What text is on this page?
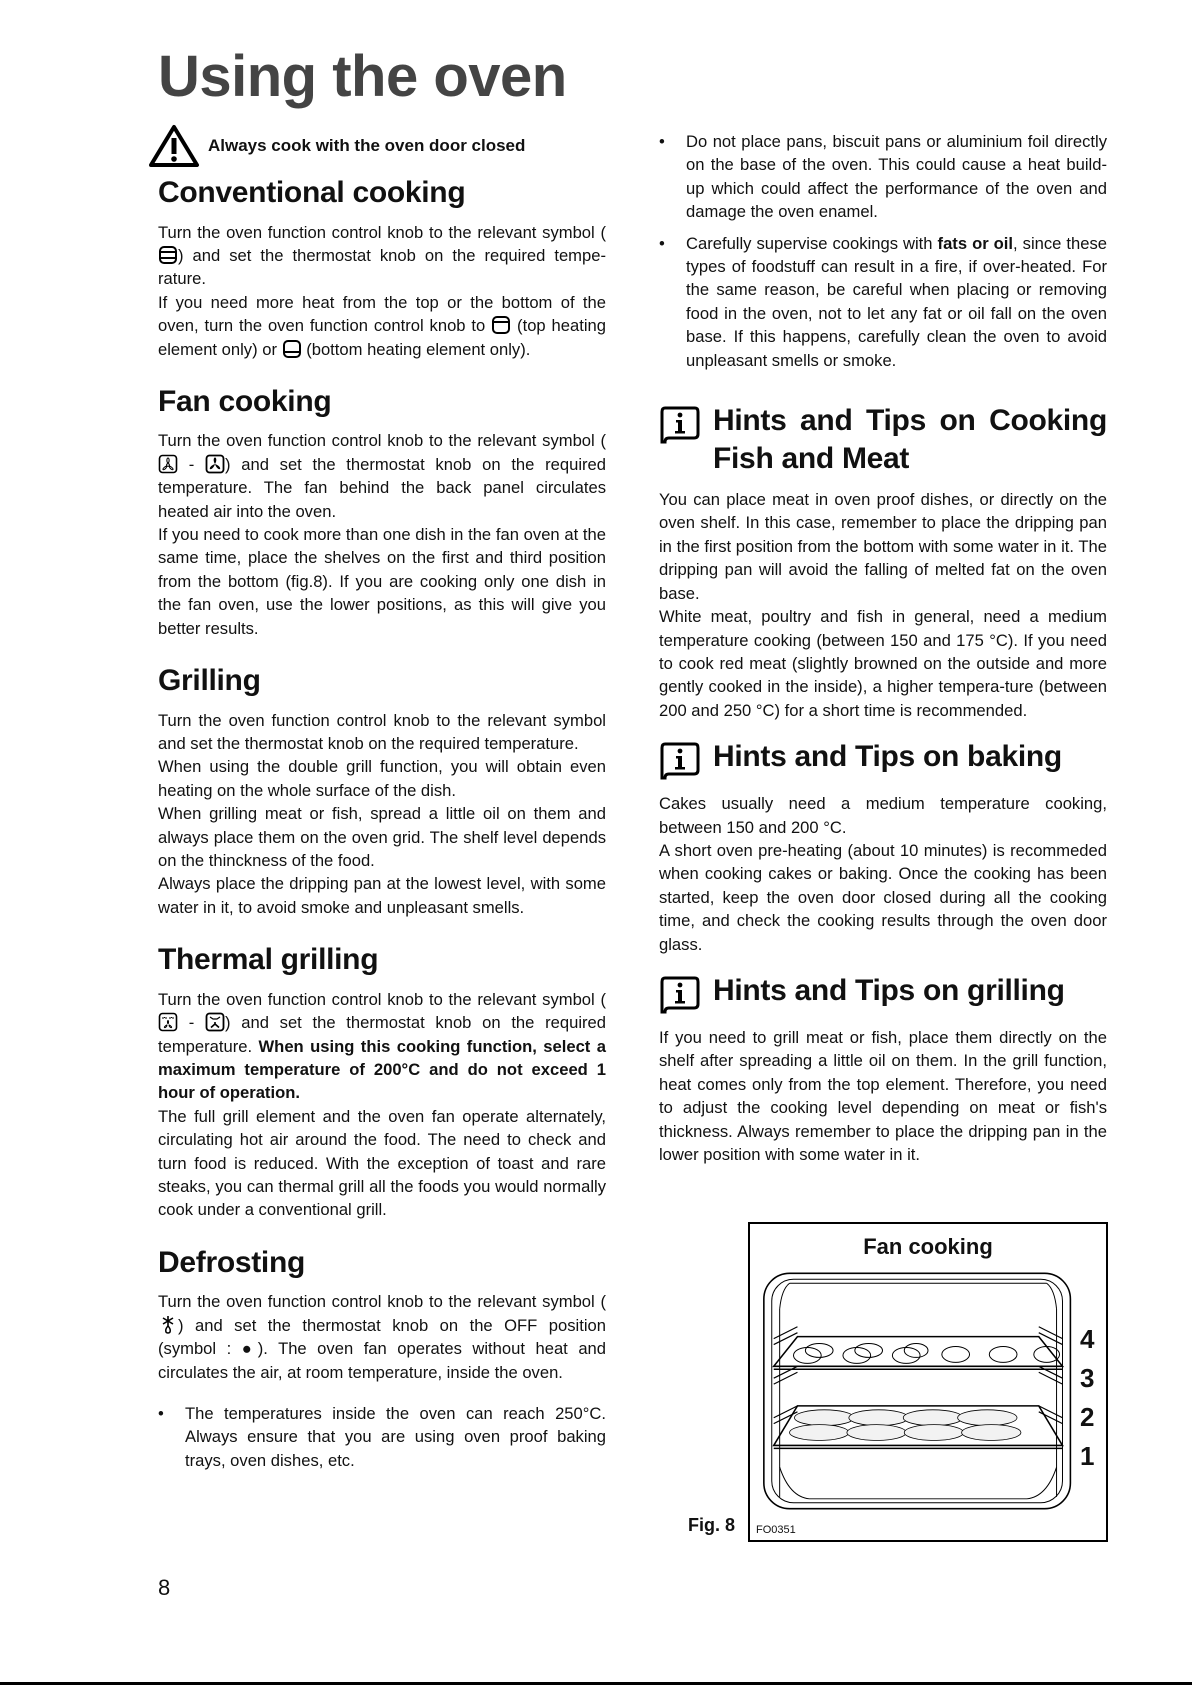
Using the oven
Always cook with the oven door closed
Conventional cooking

Turn the oven function control knob to the relevant symbol () and set the thermostat knob on the required tempe-rature.

If you need more heat from the top or the bottom of the oven, turn the oven function control knob to  (top heating element only) or  (bottom heating element only).

Fan cooking

Turn the oven function control knob to the relevant symbol ( - ) and set the thermostat knob on the required temperature. The fan behind the back panel circulates heated air into the oven.

If you need to cook more than one dish in the fan oven at the same time, place the shelves on the first and third position from the bottom (fig.8). If you are cooking only one dish in the fan oven, use the lower positions, as this will give you better results.

Grilling

Turn the oven function control knob to the relevant symbol and set the thermostat knob on the required temperature.

When using the double grill function, you will obtain even heating on the whole surface of the dish.

When grilling meat or fish, spread a little oil on them and always place them on the oven grid. The shelf level depends on the thinckness of the food.

Always place the dripping pan at the lowest level, with some water in it, to avoid smoke and unpleasant smells.

Thermal grilling

Turn the oven function control knob to the relevant symbol ( - ) and set the thermostat knob on the required temperature. When using this cooking function, select a maximum temperature of 200°C and do not exceed 1 hour of operation.

The full grill element and the oven fan operate alternately, circulating hot air around the food. The need to check and turn food is reduced. With the exception of toast and rare steaks, you can thermal grill all the foods you would normally cook under a conventional grill.

Defrosting

Turn the oven function control knob to the relevant symbol () and set the thermostat knob on the OFF position (symbol : ●). The oven fan operates without heat and circulates the air, at room temperature, inside the oven.

• The temperatures inside the oven can reach 250°C. Always ensure that you are using oven proof baking trays, oven dishes, etc.
• Do not place pans, biscuit pans or aluminium foil directly on the base of the oven. This could cause a heat build-up which could affect the performance of the oven and damage the oven enamel.
• Carefully supervise cookings with fats or oil, since these types of foodstuff can result in a fire, if over-heated. For the same reason, be careful when placing or removing food in the oven, not to let any fat or oil fall on the oven base. If this happens, carefully clean the oven to avoid unpleasant smells or smoke.
Hints and Tips on Cooking Fish and Meat

You can place meat in oven proof dishes, or directly on the oven shelf. In this case, remember to place the dripping pan in the first position from the bottom with some water in it. The dripping pan will avoid the falling of melted fat on the oven base.

White meat, poultry and fish in general, need a medium temperature cooking (between 150 and 175 °C). If you need to cook red meat (slightly browned on the outside and more gently cooked in the inside), a higher tempera-ture (between 200 and 250 °C) for a short time is recommended.

Hints and Tips on baking

Cakes usually need a medium temperature cooking, between 150 and 200 °C.

A short oven pre-heating (about 10 minutes) is recommeded when cooking cakes or baking. Once the cooking has been started, keep the oven door closed during all the cooking time, and check the cooking results through the oven door glass.

Hints and Tips on grilling

If you need to grill meat or fish, place them directly on the shelf after spreading a little oil on them. In the grill function, heat comes only from the top element. Therefore, you need to adjust the cooking level depending on meat or fish's thickness. Always remember to place the dripping pan in the lower position with some water in it.

Fan cooking
FO0351
4
3
2
1
Fig. 8
8
